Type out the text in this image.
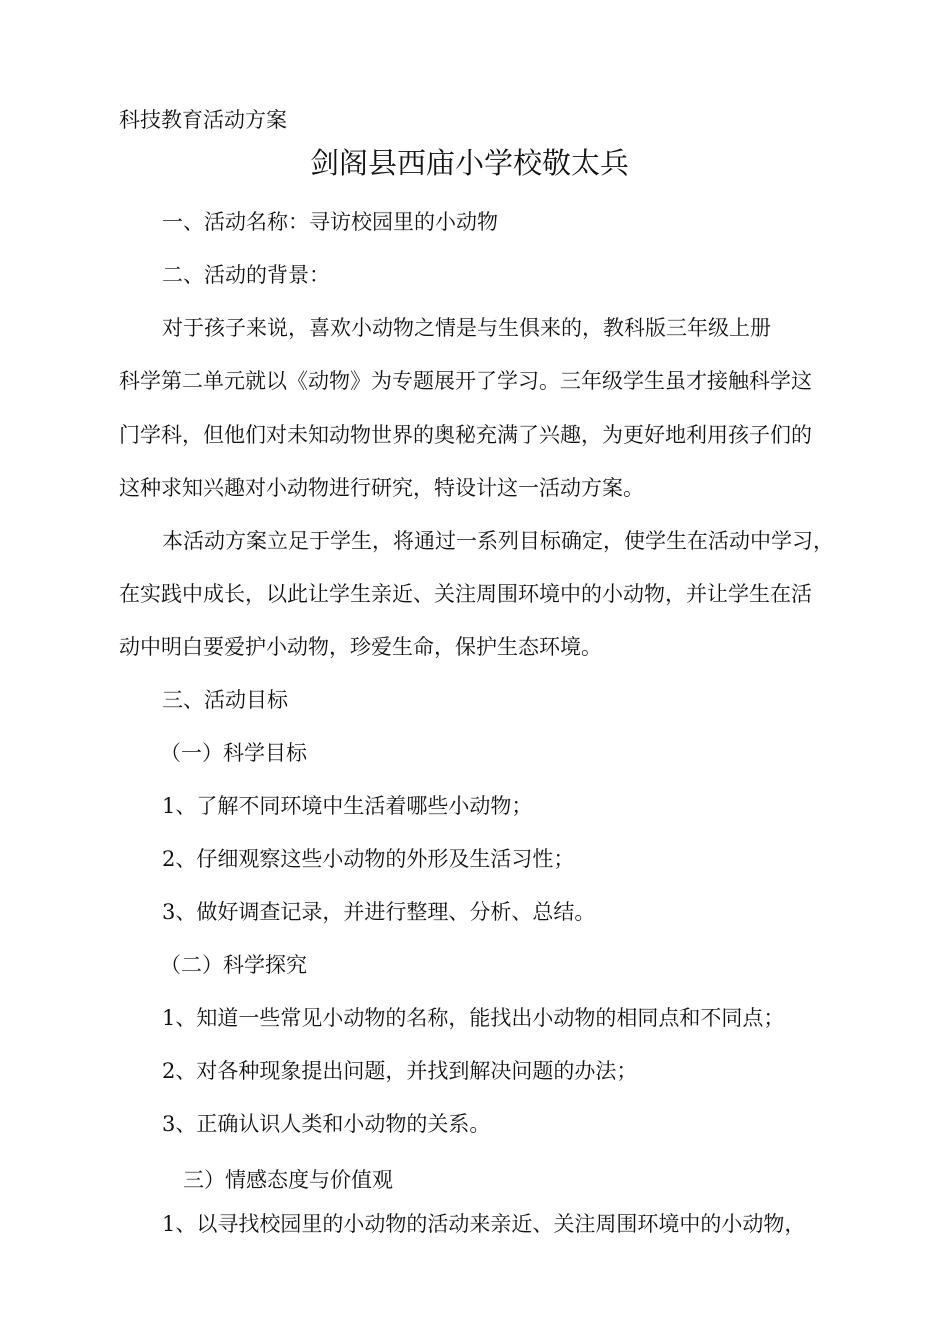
科技教育活动方案
剑阁县西庙小学校敬太兵
一、活动名称：寻访校园里的小动物
二、活动的背景：
对于孩子来说，喜欢小动物之情是与生俱来的，教科版三年级上册
科学第二单元就以《动物》为专题展开了学习。三年级学生虽才接触科学这
门学科，但他们对未知动物世界的奥秘充满了兴趣，为更好地利用孩子们的
这种求知兴趣对小动物进行研究，特设计这一活动方案。
本活动方案立足于学生，将通过一系列目标确定，使学生在活动中学习，
在实践中成长，以此让学生亲近、关注周围环境中的小动物，并让学生在活
动中明白要爱护小动物，珍爱生命，保护生态环境。
三、活动目标
（一）科学目标
1、了解不同环境中生活着哪些小动物；
2、仔细观察这些小动物的外形及生活习性；
3、做好调查记录，并进行整理、分析、总结。
（二）科学探究
1、知道一些常见小动物的名称，能找出小动物的相同点和不同点；
2、对各种现象提出问题，并找到解决问题的办法；
3、正确认识人类和小动物的关系。
三）情感态度与价值观
1、以寻找校园里的小动物的活动来亲近、关注周围环境中的小动物，
